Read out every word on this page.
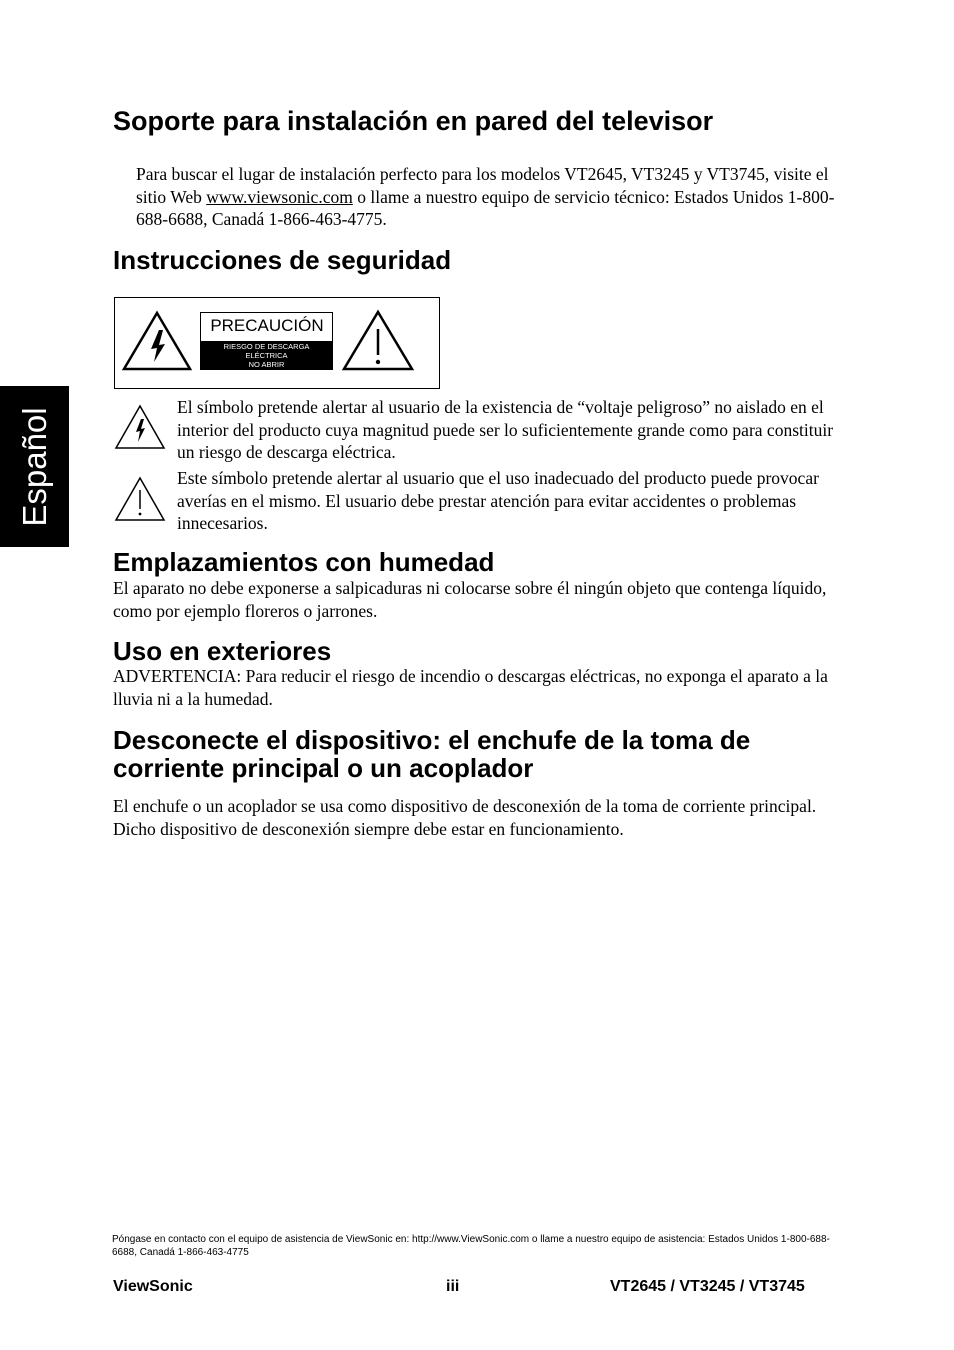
Español
Soporte para instalación en pared del televisor

Para buscar el lugar de instalación perfecto para los modelos VT2645, VT3245 y VT3745, visite el sitio Web www.viewsonic.com o llame a nuestro equipo de servicio técnico: Estados Unidos 1-800-688-6688, Canadá 1-866-463-4775.

Instrucciones de seguridad
PRECAUCIÓN
RIESGO DE DESCARGA
ELÉCTRICA
NO ABRIR

El símbolo pretende alertar al usuario de la existencia de “voltaje peligroso” no aislado en el interior del producto cuya magnitud puede ser lo suficientemente grande como para constituir un riesgo de descarga eléctrica.

Este símbolo pretende alertar al usuario que el uso inadecuado del producto puede provocar averías en el mismo. El usuario debe prestar atención para evitar accidentes o problemas innecesarios.

Emplazamientos con humedad

El aparato no debe exponerse a salpicaduras ni colocarse sobre él ningún objeto que contenga líquido, como por ejemplo floreros o jarrones.

Uso en exteriores

ADVERTENCIA: Para reducir el riesgo de incendio o descargas eléctricas, no exponga el aparato a la lluvia ni a la humedad.

Desconecte el dispositivo: el enchufe de la toma de corriente principal o un acoplador

El enchufe o un acoplador se usa como dispositivo de desconexión de la toma de corriente principal. Dicho dispositivo de desconexión siempre debe estar en funcionamiento.

Póngase en contacto con el equipo de asistencia de ViewSonic en: http://www.ViewSonic.com o llame a nuestro equipo de asistencia: Estados Unidos 1-800-688-6688, Canadá 1-866-463-4775
ViewSonic	iii	VT2645 / VT3245 / VT3745
